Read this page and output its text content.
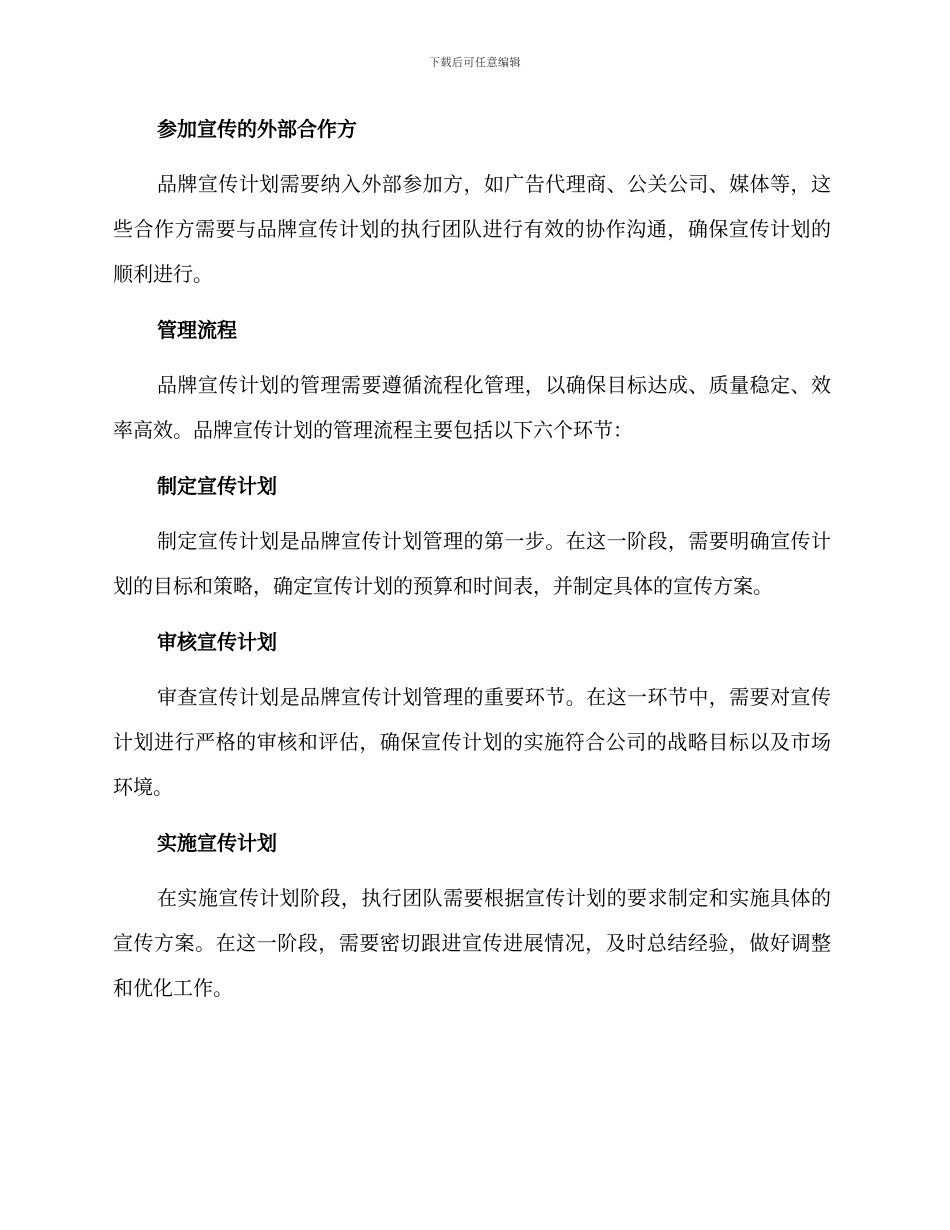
下载后可任意编辑
参加宣传的外部合作方
品牌宣传计划需要纳入外部参加方，如广告代理商、公关公司、媒体等，这些合作方需要与品牌宣传计划的执行团队进行有效的协作沟通，确保宣传计划的顺利进行。
管理流程
品牌宣传计划的管理需要遵循流程化管理，以确保目标达成、质量稳定、效率高效。品牌宣传计划的管理流程主要包括以下六个环节：
制定宣传计划
制定宣传计划是品牌宣传计划管理的第一步。在这一阶段，需要明确宣传计划的目标和策略，确定宣传计划的预算和时间表，并制定具体的宣传方案。
审核宣传计划
审查宣传计划是品牌宣传计划管理的重要环节。在这一环节中，需要对宣传计划进行严格的审核和评估，确保宣传计划的实施符合公司的战略目标以及市场环境。
实施宣传计划
在实施宣传计划阶段，执行团队需要根据宣传计划的要求制定和实施具体的宣传方案。在这一阶段，需要密切跟进宣传进展情况，及时总结经验，做好调整和优化工作。
